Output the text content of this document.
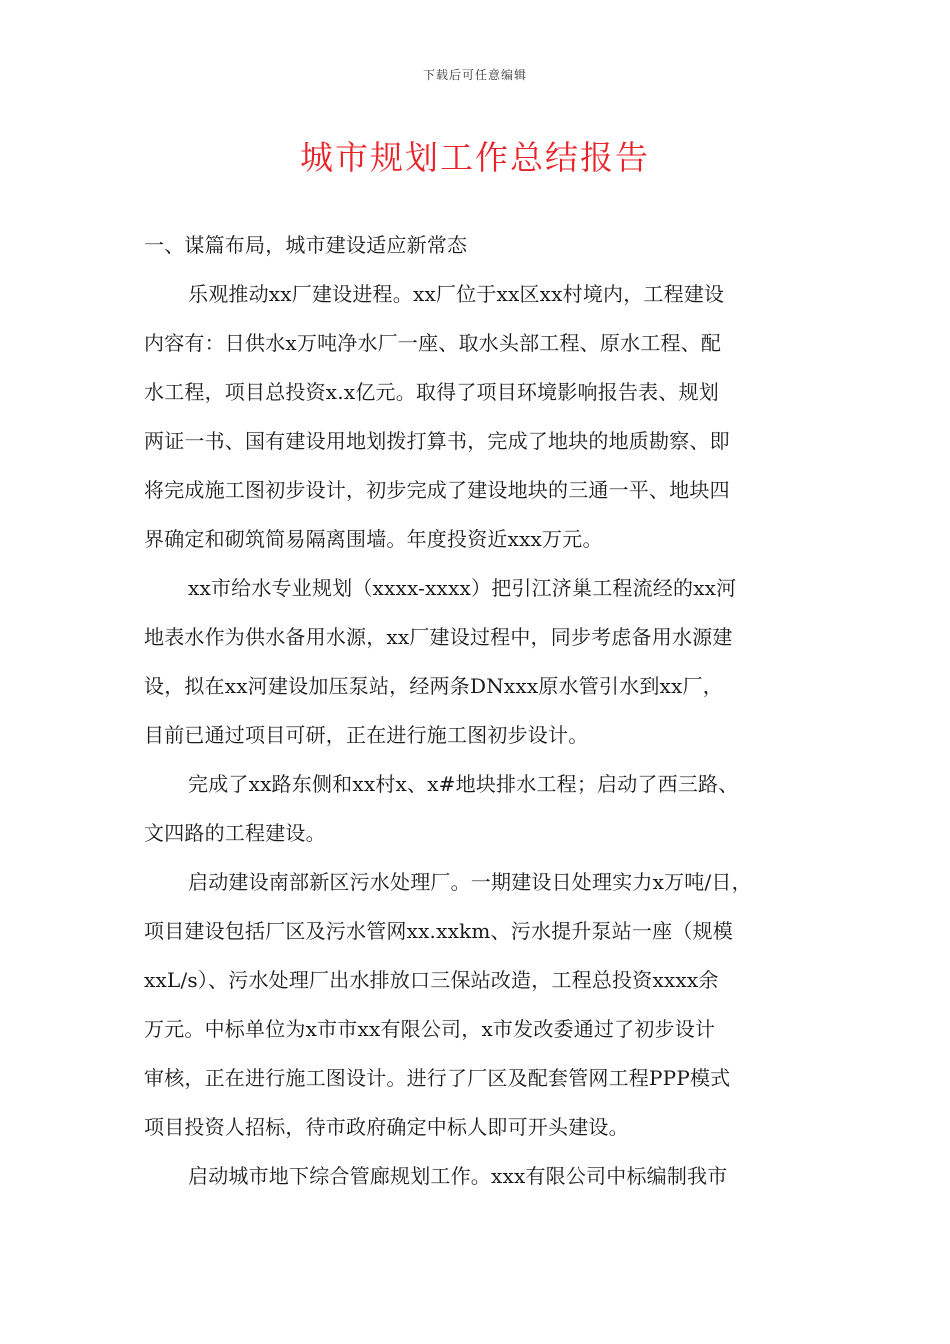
下载后可任意编辑
城市规划工作总结报告
一、谋篇布局，城市建设适应新常态
乐观推动xx厂建设进程。xx厂位于xx区xx村境内，工程建设
内容有：日供水x万吨净水厂一座、取水头部工程、原水工程、配
水工程，项目总投资x.x亿元。取得了项目环境影响报告表、规划
两证一书、国有建设用地划拨打算书，完成了地块的地质勘察、即
将完成施工图初步设计，初步完成了建设地块的三通一平、地块四
界确定和砌筑简易隔离围墙。年度投资近xxx万元。
xx市给水专业规划（xxxx-xxxx）把引江济巢工程流经的xx河
地表水作为供水备用水源，xx厂建设过程中，同步考虑备用水源建
设，拟在xx河建设加压泵站，经两条DNxxx原水管引水到xx厂，
目前已通过项目可研，正在进行施工图初步设计。
完成了xx路东侧和xx村x、x#地块排水工程；启动了西三路、
文四路的工程建设。
启动建设南部新区污水处理厂。一期建设日处理实力x万吨/日，
项目建设包括厂区及污水管网xx.xxkm、污水提升泵站一座（规模
xxL/s）、污水处理厂出水排放口三保站改造，工程总投资xxxx余
万元。中标单位为x市市xx有限公司，x市发改委通过了初步设计
审核，正在进行施工图设计。进行了厂区及配套管网工程PPP模式
项目投资人招标，待市政府确定中标人即可开头建设。
启动城市地下综合管廊规划工作。xxx有限公司中标编制我市
